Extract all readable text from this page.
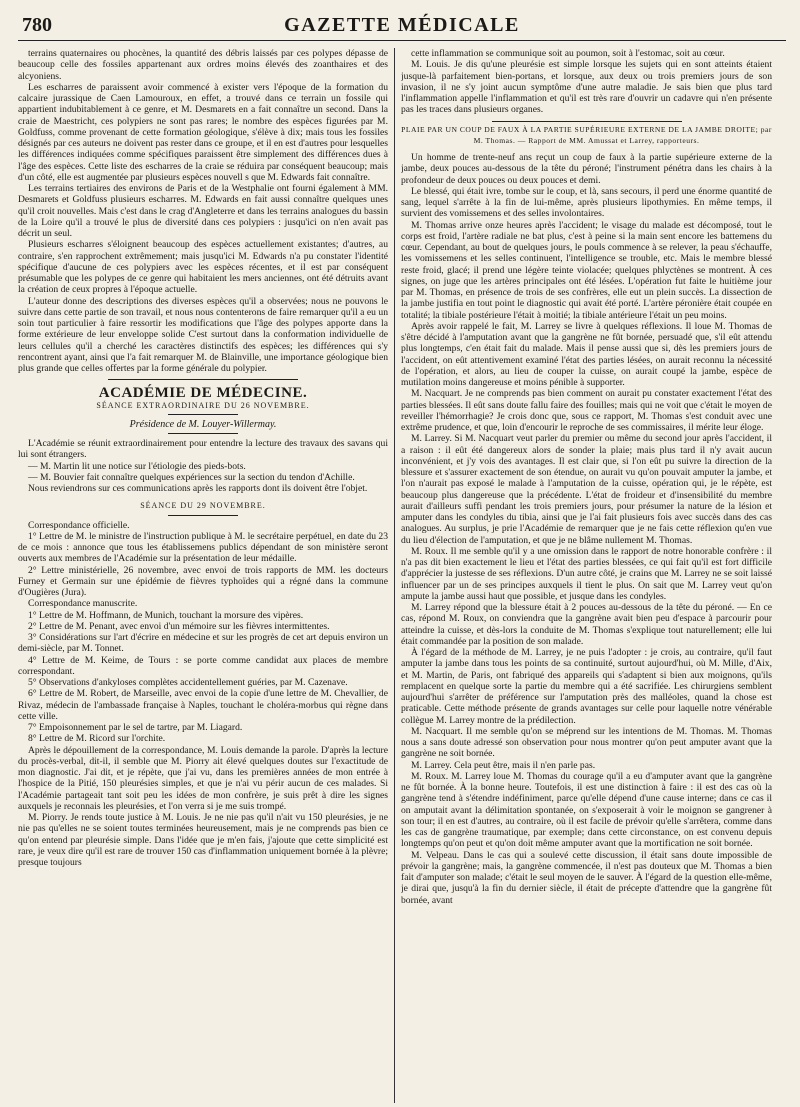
780	GAZETTE MÉDICALE

terrains quaternaires ou phocènes, la quantité des débris laissés par ces polypes dépasse de beaucoup celle des fossiles appartenant aux ordres moins élevés des zoanthaires et des alcyoniens.

Les escharres de paraissent avoir commencé à exister vers l'époque de la formation du calcaire jurassique de Caen Lamouroux, en effet, a trouvé dans ce terrain un fossile qui appartient indubitablement à ce genre, et M. Desmarets en a fait connaître un second. Dans la craie de Maestricht, ces polypiers ne sont pas rares; le nombre des espèces figurées par M. Goldfuss, comme provenant de cette formation géologique, s'élève à dix; mais tous les fossiles désignés par ces auteurs ne doivent pas rester dans ce groupe, et il en est d'autres pour lesquelles les différences indiquées comme spécifiques paraissent être simplement des différences dues à l'âge des espèces. Cette liste des escharres de la craie se réduira par conséquent beaucoup; mais d'un côté, elle est augmentée par plusieurs espèces nouvell s que M. Edwards fait connaître.

Les terrains tertiaires des environs de Paris et de la Westphalie ont fourni également à MM. Desmarets et Goldfuss plusieurs escharres. M. Edwards en fait aussi connaître quelques unes qu'il croit nouvelles. Mais c'est dans le crag d'Angleterre et dans les terrains analogues du bassin de la Loire qu'il a trouvé le plus de diversité dans ces polypiers : jusqu'ici on n'en avait pas décrit un seul.

Plusieurs escharres s'éloignent beaucoup des espèces actuellement existantes; d'autres, au contraire, s'en rapprochent extrêmement; mais jusqu'ici M. Edwards n'a pu constater l'identité spécifique d'aucune de ces polypiers avec les espèces récentes, et il est par conséquent présumable que les polypes de ce genre qui habitaient les mers anciennes, ont été détruits avant la création de ceux propres à l'époque actuelle.

L'auteur donne des descriptions des diverses espèces qu'il a observées; nous ne pouvons le suivre dans cette partie de son travail, et nous nous contenterons de faire remarquer qu'il a eu un soin tout particulier à faire ressortir les modifications que l'âge des polypes apporte dans la forme extérieure de leur enveloppe solide C'est surtout dans la conformation individuelle de leurs cellules qu'il a cherché les caractères distinctifs des espèces; les différences qui s'y rencontrent ayant, ainsi que l'a fait remarquer M. de Blainville, une importance géologique bien plus grande que celles offertes par la forme générale du polypier.

ACADÉMIE DE MÉDECINE.

SÉANCE EXTRAORDINAIRE DU 26 NOVEMBRE.

Présidence de M. Louyer-Willermay.

L'Académie se réunit extraordinairement pour entendre la lecture des travaux des savans qui lui sont étrangers.

— M. Martin lit une notice sur l'étiologie des pieds-bots.

— M. Bouvier fait connaître quelques expériences sur la section du tendon d'Achille.

Nous reviendrons sur ces communications après les rapports dont ils doivent être l'objet.

SÉANCE DU 29 NOVEMBRE.

Correspondance officielle.

1° Lettre de M. le ministre de l'instruction publique à M. le secrétaire perpétuel, en date du 23 de ce mois : annonce que tous les établissemens publics dépendant de son ministère seront ouverts aux membres de l'Académie sur la présentation de leur médaille.

2° Lettre ministérielle, 26 novembre, avec envoi de trois rapports de MM. les docteurs Furney et Germain sur une épidémie de fièvres typhoïdes qui a régné dans la commune d'Ougières (Jura).

Correspondance manuscrite.

1° Lettre de M. Hoffmann, de Munich, touchant la morsure des vipères.

2° Lettre de M. Penant, avec envoi d'un mémoire sur les fièvres intermittentes.

3° Considérations sur l'art d'écrire en médecine et sur les progrès de cet art depuis environ un demi-siècle, par M. Tonnet.

4° Lettre de M. Keime, de Tours : se porte comme candidat aux places de membre correspondant.

5° Observations d'ankyloses complètes accidentellement guéries, par M. Cazenave.

6° Lettre de M. Robert, de Marseille, avec envoi de la copie d'une lettre de M. Chevallier, de Rivaz, médecin de l'ambassade française à Naples, touchant le choléra-morbus qui règne dans cette ville.

7° Empoisonnement par le sel de tartre, par M. Liagard.

8° Lettre de M. Ricord sur l'orchite.

Après le dépouillement de la correspondance, M. Louis demande la parole. D'après la lecture du procès-verbal, dit-il, il semble que M. Piorry ait élevé quelques doutes sur l'exactitude de mon diagnostic. J'ai dit, et je répète, que j'ai vu, dans les premières années de mon entrée à l'hospice de la Pitié, 150 pleurésies simples, et que je n'ai vu périr aucun de ces malades. Si l'Académie partageait tant soit peu les idées de mon confrère, je suis prêt à dire les signes auxquels je reconnais les pleurésies, et l'on verra si je me suis trompé.

M. Piorry. Je rends toute justice à M. Louis. Je ne nie pas qu'il n'ait vu 150 pleurésies, je ne nie pas qu'elles ne se soient toutes terminées heureusement, mais je ne comprends pas bien ce qu'on entend par pleurésie simple. Dans l'idée que je m'en fais, j'ajoute que cette simplicité est rare, je veux dire qu'il est rare de trouver 150 cas d'inflammation uniquement bornée à la plèvre; presque toujours

cette inflammation se communique soit au poumon, soit à l'estomac, soit au cœur.

M. Louis. Je dis qu'une pleurésie est simple lorsque les sujets qui en sont atteints étaient jusque-là parfaitement bien-portans, et lorsque, aux deux ou trois premiers jours de son invasion, il ne s'y joint aucun symptôme d'une autre maladie. Je sais bien que plus tard l'inflammation appelle l'inflammation et qu'il est très rare d'ouvrir un cadavre qui n'en présente pas les traces dans plusieurs organes.

PLAIE PAR UN COUP DE FAUX À LA PARTIE SUPÉRIEURE EXTERNE DE LA JAMBE DROITE; par M. Thomas. — Rapport de MM. Amussat et Larrey, rapporteurs.

Un homme de trente-neuf ans reçut un coup de faux à la partie supérieure externe de la jambe, deux pouces au-dessous de la tête du péroné; l'instrument pénétra dans les chairs à la profondeur de deux pouces ou deux pouces et demi.

Le blessé, qui était ivre, tombe sur le coup, et là, sans secours, il perd une énorme quantité de sang, lequel s'arrête à la fin de lui-même, après plusieurs lipothymies. En même temps, il survient des vomissemens et des selles involontaires.

M. Thomas arrive onze heures après l'accident; le visage du malade est décomposé, tout le corps est froid, l'artère radiale ne bat plus, c'est à peine si la main sent encore les battemens du cœur. Cependant, au bout de quelques jours, le pouls commence à se relever, la peau s'échauffe, les vomissemens et les selles continuent, l'intelligence se trouble, etc. Mais le membre blessé reste froid, glacé; il prend une légère teinte violacée; quelques phlyctènes se montrent. À ces signes, on juge que les artères principales ont été lésées. L'opération fut faite le huitième jour par M. Thomas, en présence de trois de ses confrères, elle eut un plein succès. La dissection de la jambe justifia en tout point le diagnostic qui avait été porté. L'artère péronière était coupée en totalité; la tibiale postérieure l'était à moitié; la tibiale antérieure l'était un peu moins.

Après avoir rappelé le fait, M. Larrey se livre à quelques réflexions. Il loue M. Thomas de s'être décidé à l'amputation avant que la gangrène ne fût bornée, persuadé que, s'il eût attendu plus longtemps, c'en était fait du malade. Mais il pense aussi que si, dès les premiers jours de l'accident, on eût attentivement examiné l'état des parties lésées, on aurait reconnu la nécessité de l'opération, et alors, au lieu de couper la cuisse, on aurait coupé la jambe, espèce de mutilation moins dangereuse et moins pénible à supporter.

M. Nacquart. Je ne comprends pas bien comment on aurait pu constater exactement l'état des parties blessées. Il eût sans doute fallu faire des fouilles; mais qui ne voit que c'était le moyen de reveiller l'hémorrhagie? Je crois donc que, sous ce rapport, M. Thomas s'est conduit avec une extrême prudence, et que, loin d'encourir le reproche de ses commissaires, il mérite leur éloge.

M. Larrey. Si M. Nacquart veut parler du premier ou même du second jour après l'accident, il a raison : il eût été dangereux alors de sonder la plaie; mais plus tard il n'y avait aucun inconvénient, et j'y vois des avantages. Il est clair que, si l'on eût pu suivre la direction de la blessure et s'assurer exactement de son étendue, on aurait vu qu'on pouvait amputer la jambe, et l'on n'aurait pas exposé le malade à l'amputation de la cuisse, opération qui, je le répète, est beaucoup plus dangereuse que la précédente. L'état de froideur et d'insensibilité du membre aurait d'ailleurs suffi pendant les trois premiers jours, pour présumer la nature de la lésion et amputer dans les condyles du tibia, ainsi que je l'ai fait plusieurs fois avec succès dans des cas analogues. Au surplus, je prie l'Académie de remarquer que je ne fais cette réflexion qu'en vue du lieu d'élection de l'amputation, et que je ne blâme nullement M. Thomas.

M. Roux. Il me semble qu'il y a une omission dans le rapport de notre honorable confrère : il n'a pas dit bien exactement le lieu et l'état des parties blessées, ce qui fait qu'il est fort difficile d'apprécier la justesse de ses réflexions. D'un autre côté, je crains que M. Larrey ne se soit laissé influencer par un de ses principes auxquels il tient le plus. On sait que M. Larrey veut qu'on ampute la jambe aussi haut que possible, et jusque dans les condyles.

M. Larrey répond que la blessure était à 2 pouces au-dessous de la tête du péroné. — En ce cas, répond M. Roux, on conviendra que la gangrène avait bien peu d'espace à parcourir pour atteindre la cuisse, et dès-lors la conduite de M. Thomas s'explique tout naturellement; elle lui était commandée par la position de son malade.

À l'égard de la méthode de M. Larrey, je ne puis l'adopter : je crois, au contraire, qu'il faut amputer la jambe dans tous les points de sa continuité, surtout aujourd'hui, où M. Mille, d'Aix, et M. Martin, de Paris, ont fabriqué des appareils qui s'adaptent si bien aux moignons, qu'ils remplacent en quelque sorte la partie du membre qui a été sacrifiée. Les chirurgiens semblent aujourd'hui s'arrêter de préférence sur l'amputation près des malléoles, quand la chose est praticable. Cette méthode présente de grands avantages sur celle pour laquelle notre vénérable collègue M. Larrey montre de la prédilection.

M. Nacquart. Il me semble qu'on se méprend sur les intentions de M. Thomas. M. Thomas nous a sans doute adressé son observation pour nous montrer qu'on peut amputer avant que la gangrène ne soit bornée.

M. Larrey. Cela peut être, mais il n'en parle pas.

M. Roux. M. Larrey loue M. Thomas du courage qu'il a eu d'amputer avant que la gangrène ne fût bornée. À la bonne heure. Toutefois, il est une distinction à faire : il est des cas où la gangrène tend à s'étendre indéfiniment, parce qu'elle dépend d'une cause interne; dans ce cas il on amputait avant la délimitation spontanée, on s'exposerait à voir le moignon se gangrener à son tour; il en est d'autres, au contraire, où il est facile de prévoir qu'elle s'arrêtera, comme dans les cas de gangrène traumatique, par exemple; dans cette circonstance, on est convenu depuis longtemps qu'on peut et qu'on doit même amputer avant que la mortification ne soit bornée.

M. Velpeau. Dans le cas qui a soulevé cette discussion, il était sans doute impossible de prévoir la gangrène; mais, la gangrène commencée, il n'est pas douteux que M. Thomas a bien fait d'amputer son malade; c'était le seul moyen de le sauver. À l'égard de la question elle-même, je dirai que, jusqu'à la fin du dernier siècle, il était de précepte d'attendre que la gangrène fût bornée, avant
